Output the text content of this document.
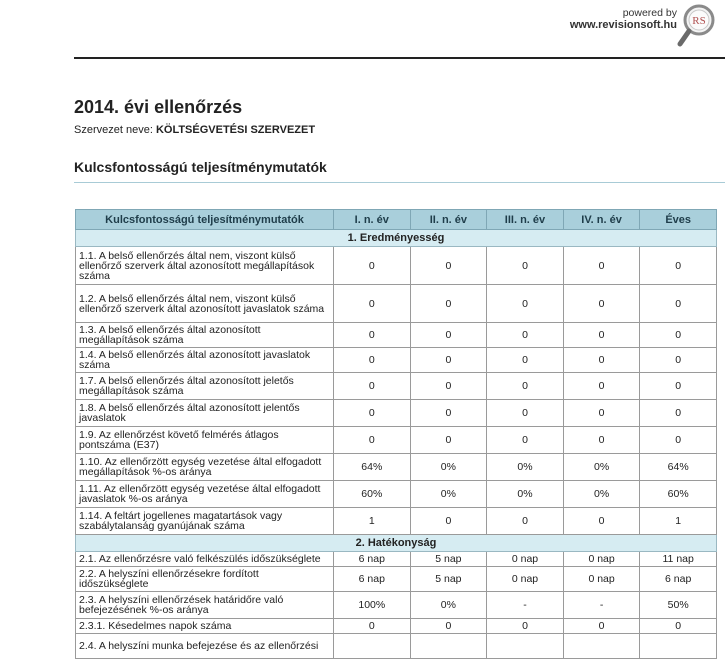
powered by
www.revisionsoft.hu RS
2014. évi ellenőrzés
Szervezet neve: KÖLTSÉGVETÉSI SZERVEZET
Kulcsfontosságú teljesítménymutatók
Kulcsfontosságú teljesítménymutatók	I. n. év	II. n. év	III. n. év	IV. n. év	Éves
1. Eredményesség					
1.1. A belső ellenőrzés által nem, viszont külső ellenőrző szerverk által azonosított megállapítások száma	0	0	0	0	0
1.2. A belső ellenőrzés által nem, viszont külső ellenőrző szerverk által azonosított javaslatok száma	0	0	0	0	0
1.3. A belső ellenőrzés által azonosított megállapítások száma	0	0	0	0	0
1.4. A belső ellenőrzés által azonosított javaslatok száma	0	0	0	0	0
1.7. A belső ellenőrzés által azonosított jeletős megállapítások száma	0	0	0	0	0
1.8. A belső ellenőrzés által azonosított jelentős javaslatok	0	0	0	0	0
1.9. Az ellenőrzést követő felmérés átlagos pontszáma (E37)	0	0	0	0	0
1.10. Az ellenőrzött egység vezetése által elfogadott megállapítások %-os aránya	64%	0%	0%	0%	64%
1.11. Az ellenőrzött egység vezetése által elfogadott javaslatok %-os aránya	60%	0%	0%	0%	60%
1.14. A feltárt jogellenes magatartások vagy szabálytalanság gyanújának száma	1	0	0	0	1
2. Hatékonyság					
2.1. Az ellenőrzésre való felkészülés időszükséglete	6 nap	5 nap	0 nap	0 nap	11 nap
2.2. A helyszíni ellenőrzésekre fordított időszükséglete	6 nap	5 nap	0 nap	0 nap	6 nap
2.3. A helyszíni ellenőrzések határidőre való befejezésének %-os aránya	100%	0%	-	-	50%
2.3.1. Késedelmes napok száma	0	0	0	0	0
2.4. A helyszíni munka befejezése és az ellenőrzési					
